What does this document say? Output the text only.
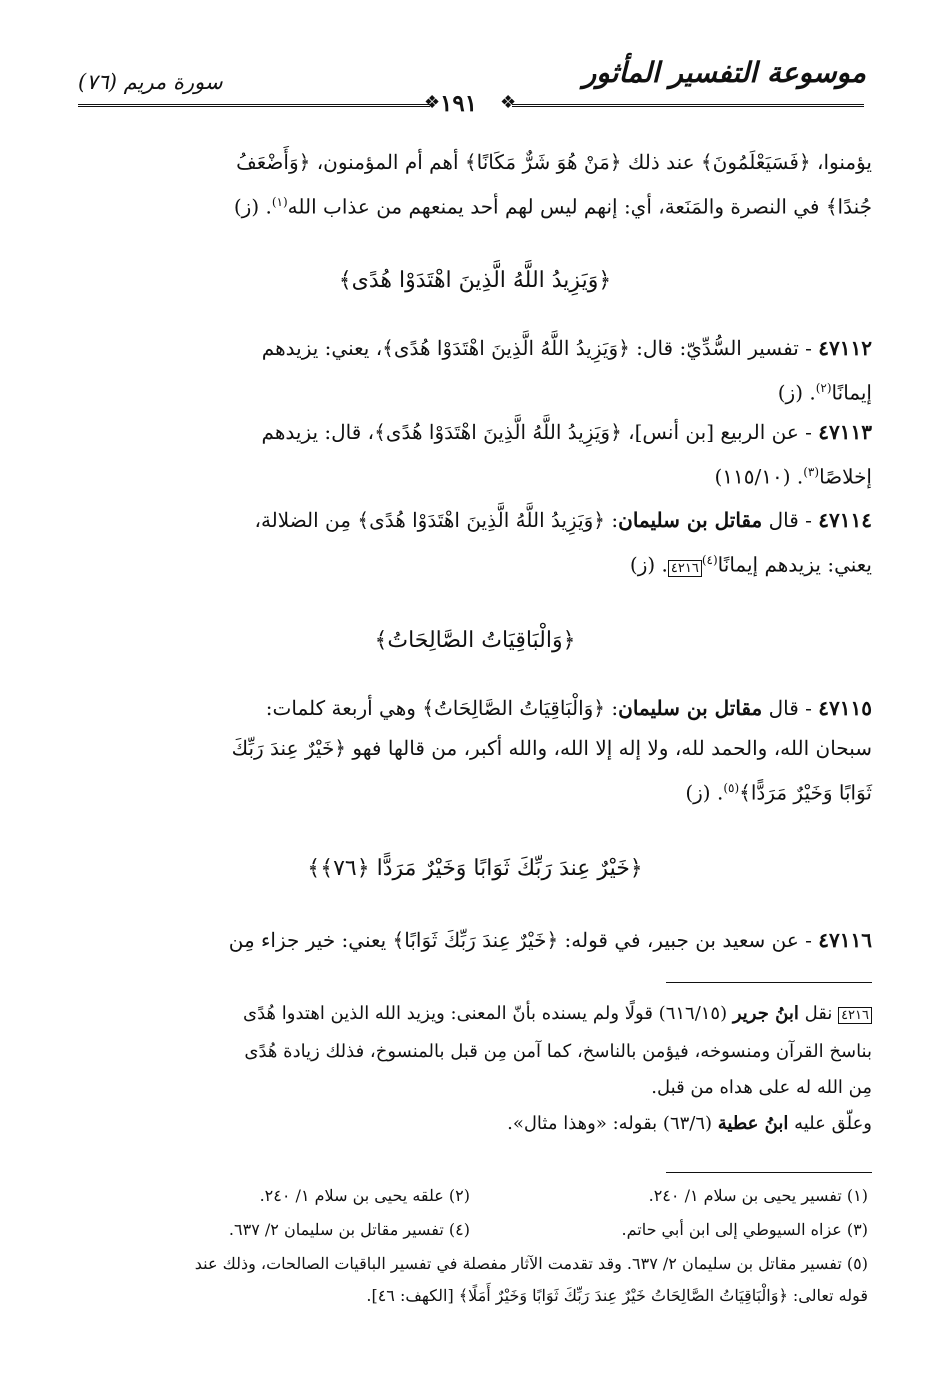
موسوعة التفسير المأثور
سورة مريم (٧٦)
❖	❖
١٩١
يؤمنوا، ﴿فَسَيَعْلَمُونَ﴾ عند ذلك ﴿مَنْ هُوَ شَرٌّ مَكَانًا﴾ أهم أم المؤمنون، ﴿وَأَضْعَفُ
جُندًا﴾ في النصرة والمَنَعة، أي: إنهم ليس لهم أحد يمنعهم من عذاب الله$^{(١)}$. (ز)
﴿وَيَزِيدُ اللَّهُ الَّذِينَ اهْتَدَوْا هُدًى﴾
٤٧١١٢ - تفسير السُّدِّيّ: قال: ﴿وَيَزِيدُ اللَّهُ الَّذِينَ اهْتَدَوْا هُدًى﴾، يعني: يزيدهم
إيمانًا$^{(٢)}$. (ز)
٤٧١١٣ - عن الربيع [بن أنس]، ﴿وَيَزِيدُ اللَّهُ الَّذِينَ اهْتَدَوْا هُدًى﴾، قال: يزيدهم
إخلاصًا$^{(٣)}$. (١١٥/١٠)
٤٧١١٤ - قال مقاتل بن سليمان: ﴿وَيَزِيدُ اللَّهُ الَّذِينَ اهْتَدَوْا هُدًى﴾ مِن الضلالة،
يعني: يزيدهم إيمانًا$^{(٤)}$٤٢١٦. (ز)
﴿وَالْبَاقِيَاتُ الصَّالِحَاتُ﴾
٤٧١١٥ - قال مقاتل بن سليمان: ﴿وَالْبَاقِيَاتُ الصَّالِحَاتُ﴾ وهي أربعة كلمات:
سبحان الله، والحمد لله، ولا إله إلا الله، والله أكبر، من قالها فهو ﴿خَيْرٌ عِندَ رَبِّكَ
ثَوَابًا وَخَيْرٌ مَرَدًّا﴾$^{(٥)}$. (ز)
﴿خَيْرٌ عِندَ رَبِّكَ ثَوَابًا وَخَيْرٌ مَرَدًّا ﴿٧٦﴾﴾
٤٧١١٦ - عن سعيد بن جبير، في قوله: ﴿خَيْرٌ عِندَ رَبِّكَ ثَوَابًا﴾ يعني: خير جزاء مِن
٤٢١٦ نقل ابنُ جرير (٦١٦/١٥) قولًا ولم يسنده بأنّ المعنى: ويزيد الله الذين اهتدوا هُدًى
بناسخ القرآن ومنسوخه، فيؤمن بالناسخ، كما آمن مِن قبل بالمنسوخ، فذلك زيادة هُدًى
مِن الله له على هداه من قبل.
وعلّق عليه ابنُ عطية (٦٣/٦) بقوله: «وهذا مثال».
(١) تفسير يحيى بن سلام ١/ ٢٤٠.
(٢) علقه يحيى بن سلام ١/ ٢٤٠.
(٣) عزاه السيوطي إلى ابن أبي حاتم.
(٤) تفسير مقاتل بن سليمان ٢/ ٦٣٧.
(٥) تفسير مقاتل بن سليمان ٢/ ٦٣٧. وقد تقدمت الآثار مفصلة في تفسير الباقيات الصالحات، وذلك عند
قوله تعالى: ﴿وَالْبَاقِيَاتُ الصَّالِحَاتُ خَيْرٌ عِندَ رَبِّكَ ثَوَابًا وَخَيْرٌ أَمَلًا﴾ [الكهف: ٤٦].
